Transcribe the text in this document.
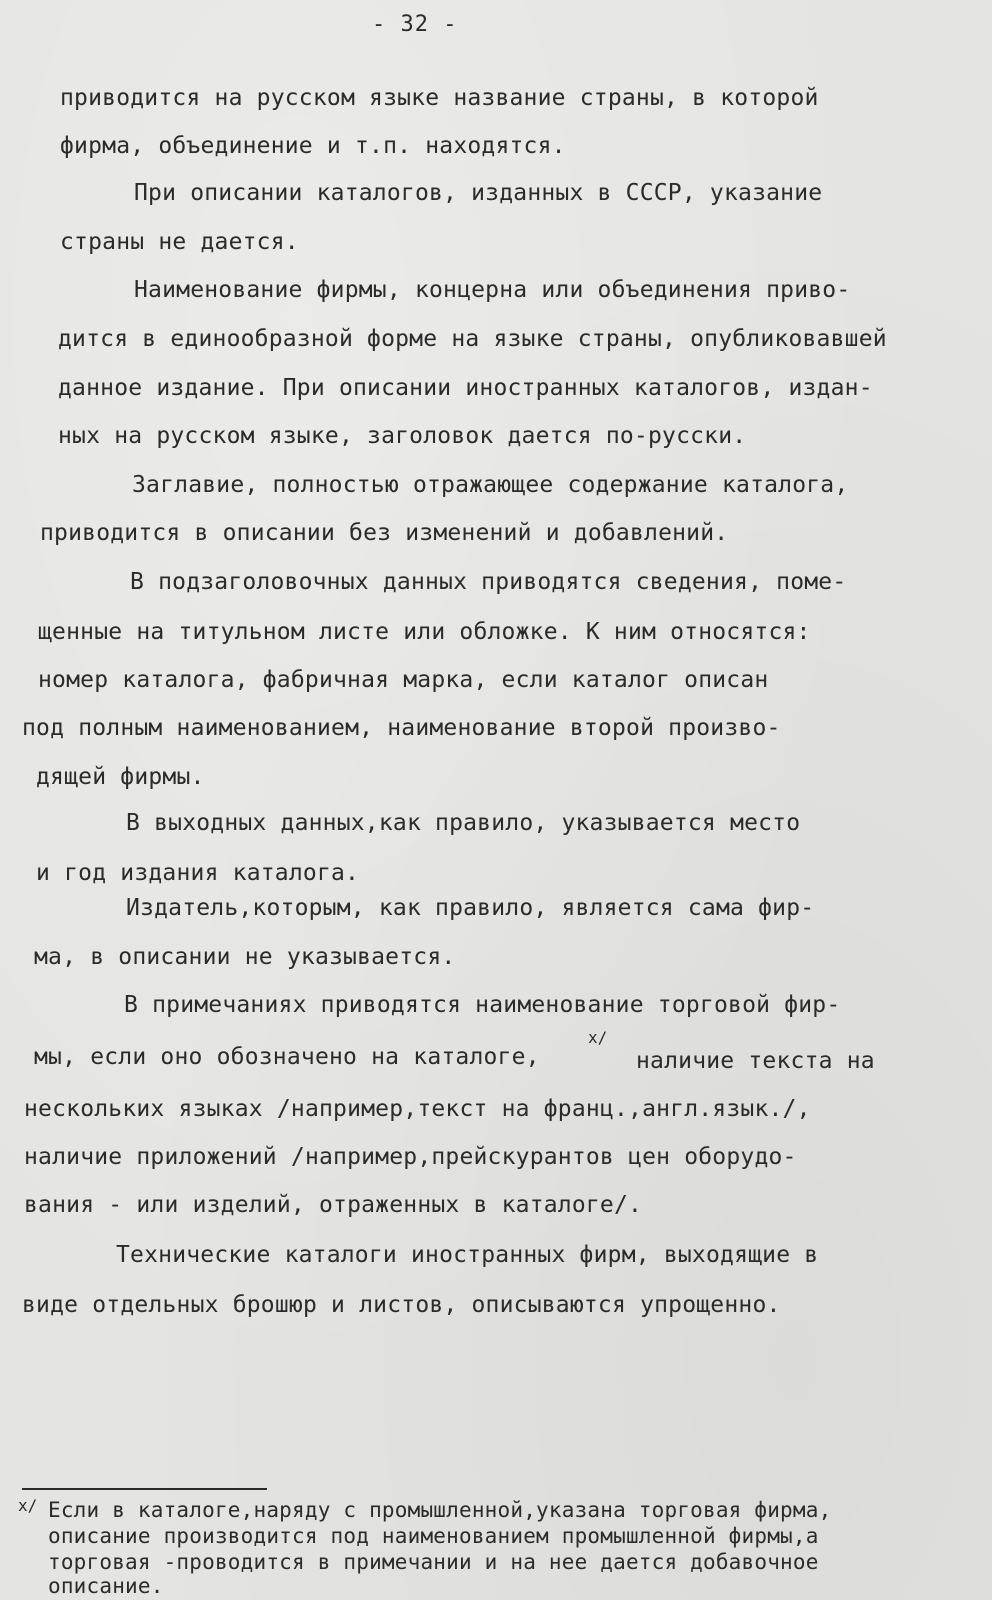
- 32 -
приводится на русском языке название страны, в которой
фирма, объединение и т.п. находятся.
При описании каталогов, изданных в СССР, указание
страны не дается.
Наименование фирмы, концерна или объединения приво-
дится в единообразной форме на языке страны, опубликовавшей
данное издание. При описании иностранных каталогов, издан-
ных на русском языке, заголовок дается по-русски.
Заглавие, полностью отражающее содержание каталога,
приводится в описании без изменений и добавлений.
В подзаголовочных данных приводятся сведения, поме-
щенные на титульном листе или обложке. К ним относятся:
номер каталога, фабричная марка, если каталог описан
под полным наименованием, наименование второй произво-
дящей фирмы.
В выходных данных,как правило, указывается место
и год издания каталога.
Издатель,которым, как правило, является сама фир-
ма, в описании не указывается.
В примечаниях приводятся наименование торговой фир-
мы, если оно обозначено на каталоге,
x/
наличие текста на
нескольких языках /например,текст на франц.,англ.язык./,
наличие приложений /например,прейскурантов цен оборудо-
вания - или изделий, отраженных в каталоге/.
Технические каталоги иностранных фирм, выходящие в
виде отдельных брошюр и листов, описываются упрощенно.
x/ Если в каталоге,наряду с промышленной,указана торговая фирма,
описание производится под наименованием промышленной фирмы,а
торговая -проводится в примечании и на нее дается добавочное
описание.
